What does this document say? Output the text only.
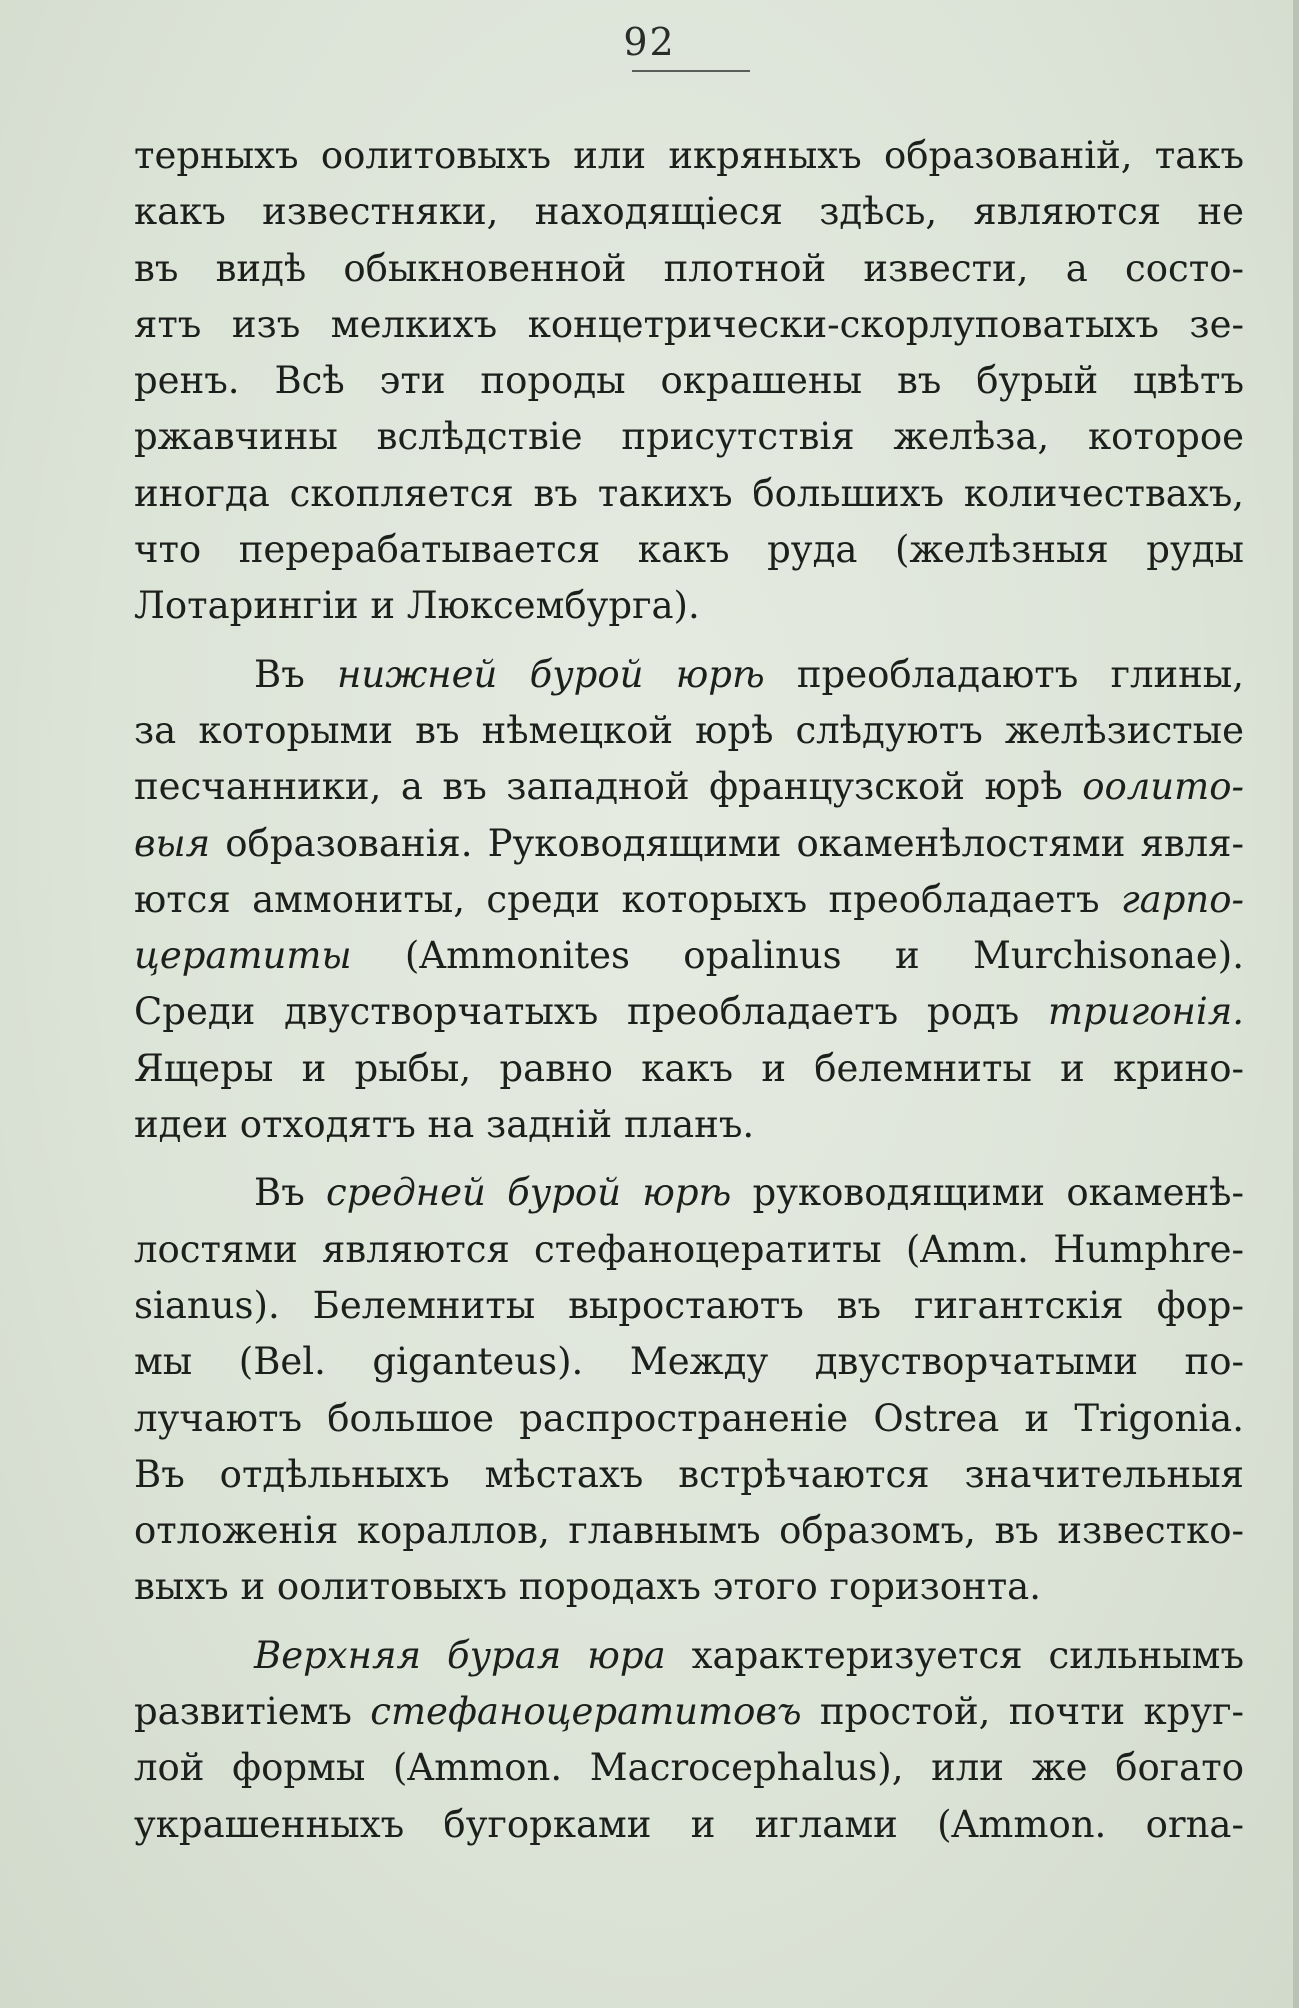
92
терныхъ оолитовыхъ или икряныхъ образованій, такъ
какъ известняки, находящіеся здѣсь, являются не
въ видѣ обыкновенной плотной извести, а состо-
ятъ изъ мелкихъ концетрически-скорлуповатыхъ зе-
ренъ. Всѣ эти породы окрашены въ бурый цвѣтъ
ржавчины вслѣдствіе присутствія желѣза, которое
иногда скопляется въ такихъ большихъ количествахъ,
что перерабатывается какъ руда (желѣзныя руды
Лотарингіи и Люксембурга).
Въ нижней бурой юрѣ преобладаютъ глины,
за которыми въ нѣмецкой юрѣ слѣдуютъ желѣзистые
песчанники, а въ западной французской юрѣ оолито-
выя образованія. Руководящими окаменѣлостями явля-
ются аммониты, среди которыхъ преобладаетъ гарпо-
цератиты (Ammonites opalinus и Murchisonae).
Среди двустворчатыхъ преобладаетъ родъ тригонія.
Ящеры и рыбы, равно какъ и белемниты и крино-
идеи отходятъ на задній планъ.
Въ средней бурой юрѣ руководящими окаменѣ-
лостями являются стефаноцератиты (Amm. Humphre-
sianus). Белемниты выростаютъ въ гигантскія фор-
мы (Bel. giganteus). Между двустворчатыми по-
лучаютъ большое распространеніе Ostrea и Trigonia.
Въ отдѣльныхъ мѣстахъ встрѣчаются значительныя
отложенія кораллов, главнымъ образомъ, въ известко-
выхъ и оолитовыхъ породахъ этого горизонта.
Верхняя бурая юра характеризуется сильнымъ
развитіемъ стефаноцератитовъ простой, почти круг-
лой формы (Ammon. Macrocephalus), или же богато
украшенныхъ бугорками и иглами (Ammon. orna-
